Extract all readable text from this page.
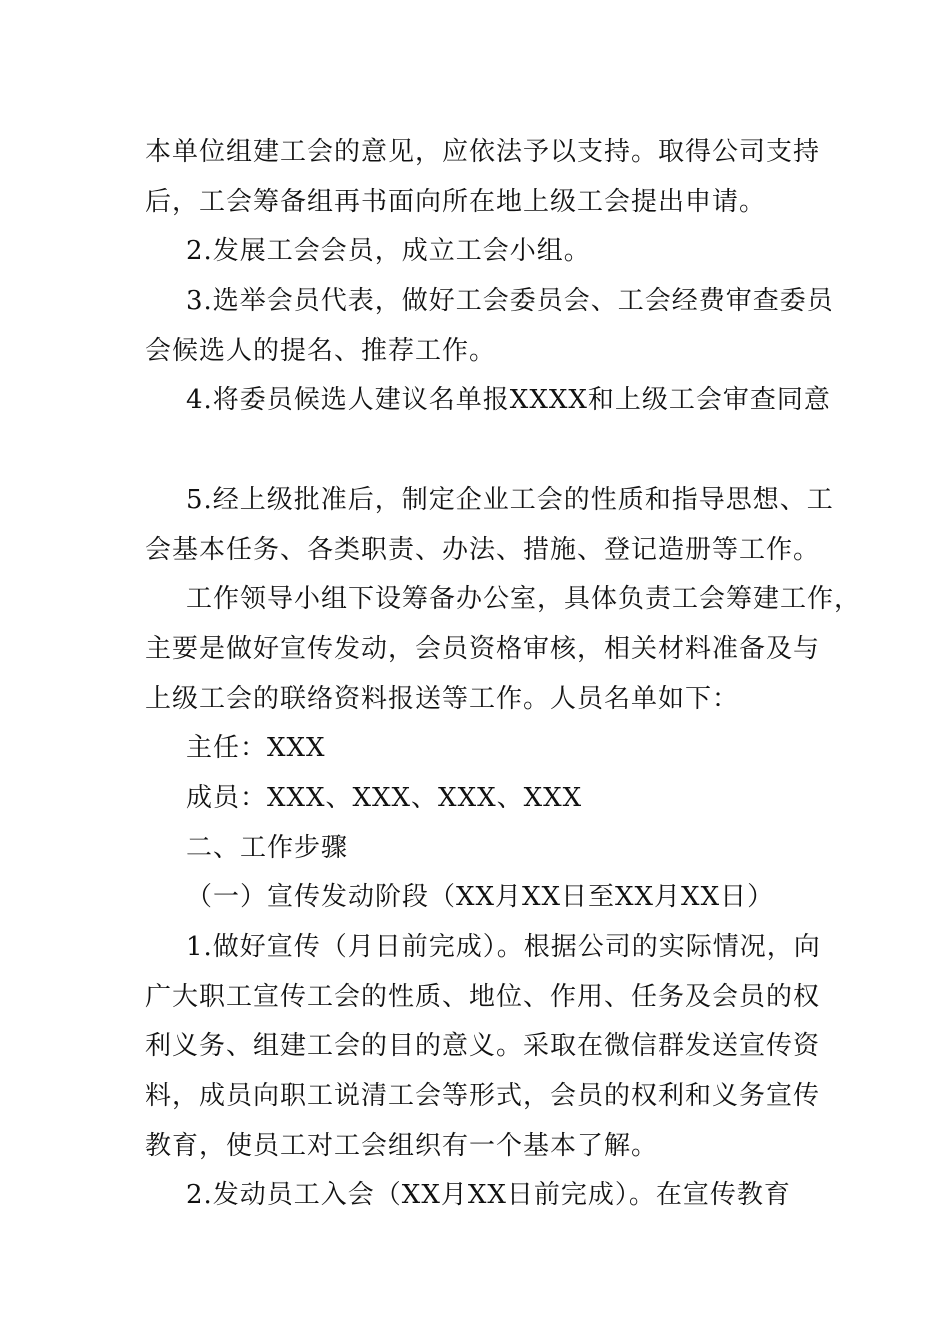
本单位组建工会的意见，应依法予以支持。取得公司支持
后，工会筹备组再书面向所在地上级工会提出申请。
2.发展工会会员，成立工会小组。
3.选举会员代表，做好工会委员会、工会经费审查委员
会候选人的提名、推荐工作。
4.将委员候选人建议名单报XXXX和上级工会审查同意
5.经上级批准后，制定企业工会的性质和指导思想、工
会基本任务、各类职责、办法、措施、登记造册等工作。
工作领导小组下设筹备办公室，具体负责工会筹建工作，
主要是做好宣传发动，会员资格审核，相关材料准备及与
上级工会的联络资料报送等工作。人员名单如下：
主任：XXX
成员：XXX、XXX、XXX、XXX
二、工作步骤
（一）宣传发动阶段（XX月XX日至XX月XX日）
1.做好宣传（月日前完成）。根据公司的实际情况，向
广大职工宣传工会的性质、地位、作用、任务及会员的权
利义务、组建工会的目的意义。采取在微信群发送宣传资
料，成员向职工说清工会等形式，会员的权利和义务宣传
教育，使员工对工会组织有一个基本了解。
2.发动员工入会（XX月XX日前完成）。在宣传教育
